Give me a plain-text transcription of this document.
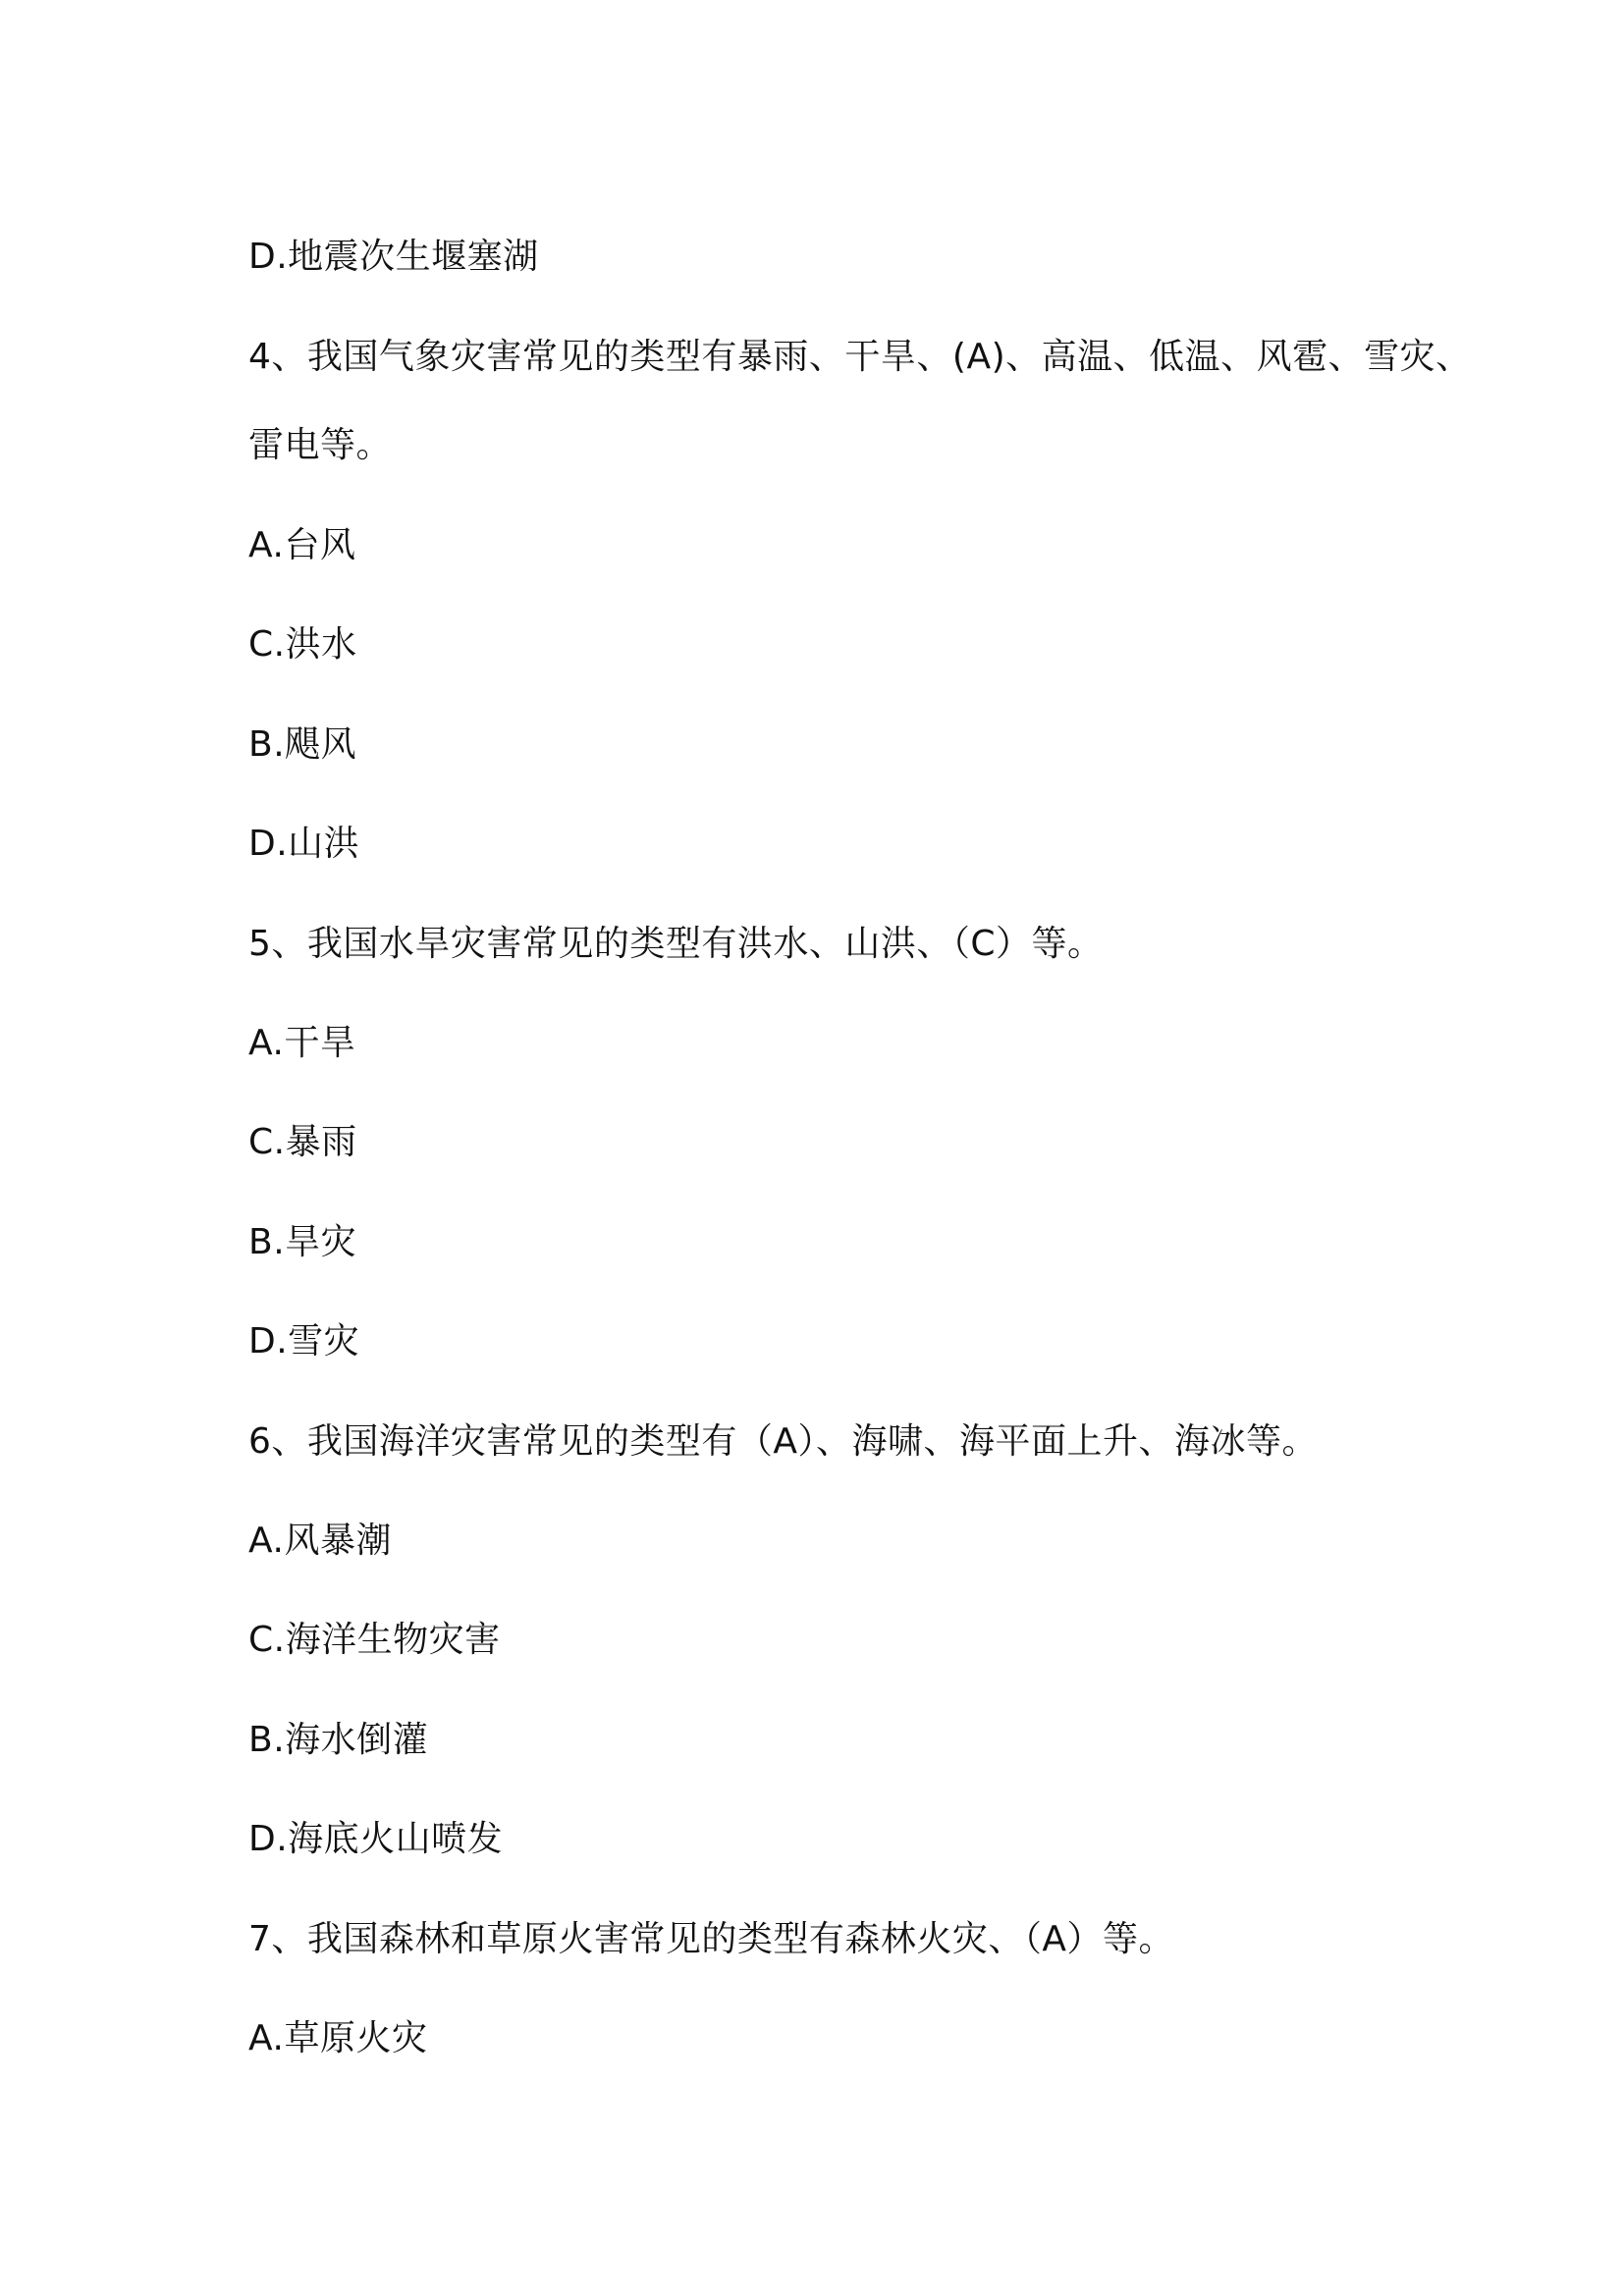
D.地震次生堰塞湖

4、我国气象灾害常见的类型有暴雨、干旱、(A)、高温、低温、风雹、雪灾、

雷电等。

A.台风

C.洪水

B.飓风

D.山洪

5、我国水旱灾害常见的类型有洪水、山洪、（C）等。

A.干旱

C.暴雨

B.旱灾

D.雪灾

6、我国海洋灾害常见的类型有（A）、海啸、海平面上升、海冰等。

A.风暴潮

C.海洋生物灾害

B.海水倒灌

D.海底火山喷发

7、我国森林和草原火害常见的类型有森林火灾、（A）等。

A.草原火灾
